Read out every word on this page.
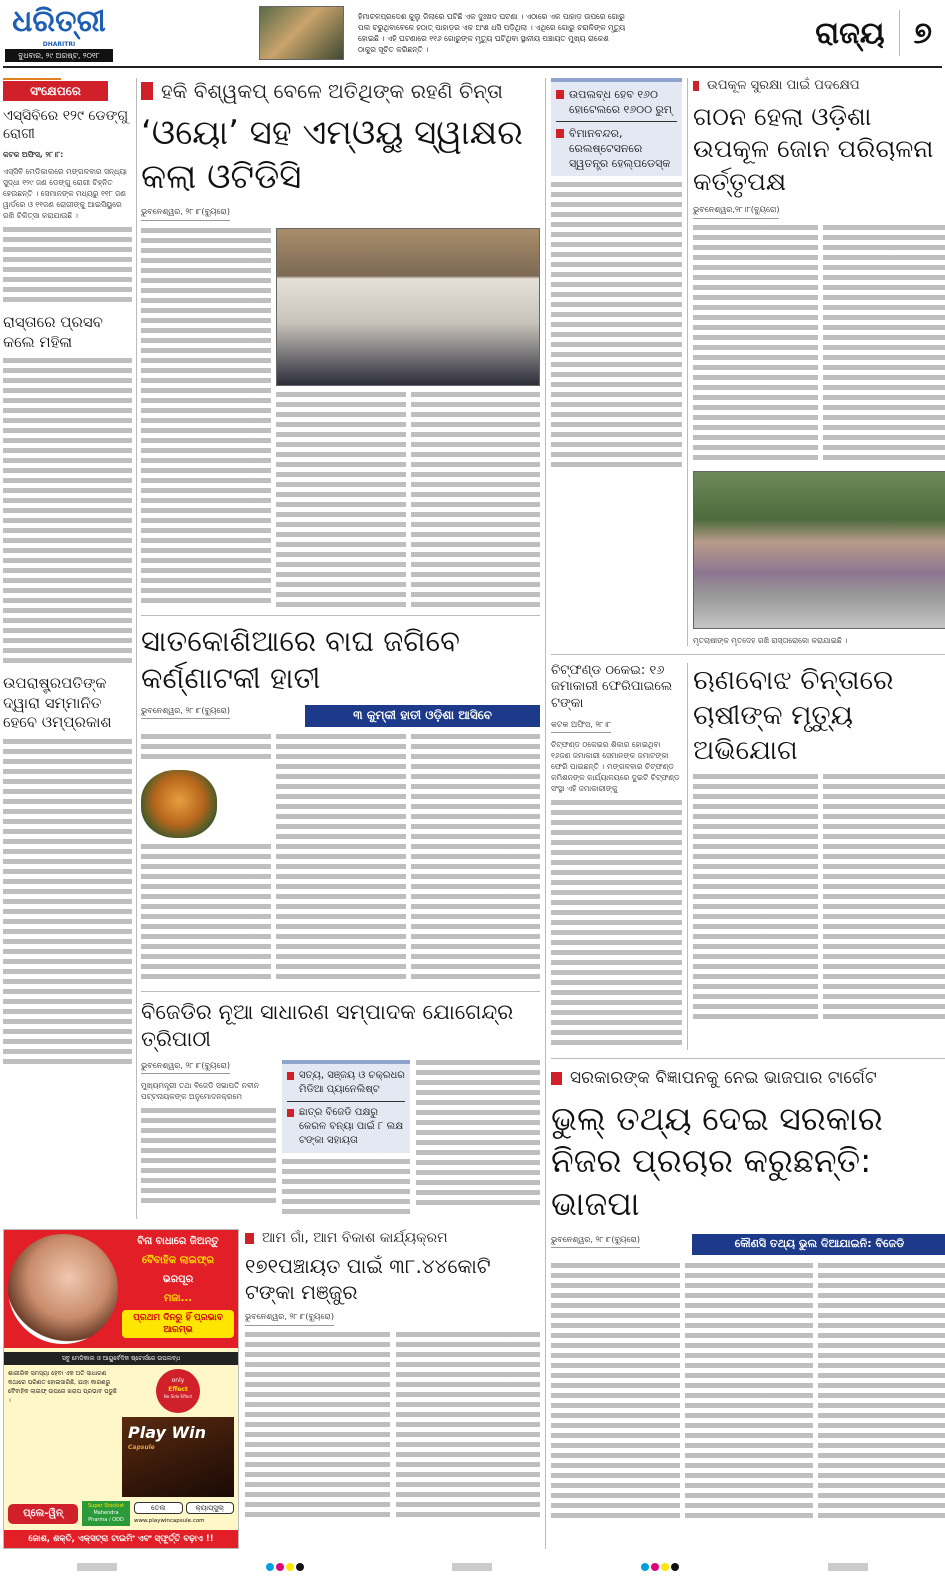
ଧରିତ୍ରୀ
DHARITRI
ବୁଧବାର, ୨୯ ଅଗଷ୍ଟ, ୨୦୧୮
ହିମାଚଳପ୍ରଦେଶ କୁଲୁ ଜିଲାରେ ଘଟିଛି ଏକ ଦୁଃଖଦ ଘଟଣା । ଏଠାରେ ଏକ ପାହାଡ଼ ଉପରେ ଗୋରୁ ପଲ ଚରୁଥିବାବେଳେ ହଠାତ୍ ପାହାଡ଼ର ଏକ ଅଂଶ ଧସି ପଡ଼ିଥିଲା । ଏଥିରେ ଗୋରୁ ଚରାଳିଙ୍କ ମୃତ୍ୟୁ ହୋଇଛି । ଏହି ଘଟଣାରେ ୧୧୬ ଗୋରୁଙ୍କ ମୃତ୍ୟୁ ଘଟିଥିବା ସ୍ଥାନୀୟ ପଞ୍ଚାୟତ ମୁଖ୍ୟ ରାକେଶ ଠାକୁର ସୂଚିତ କରିଛନ୍ତି ।	ରାଜ୍ୟ ୭
ସଂକ୍ଷେପରେ
ଏସ୍‌ସିବିରେ ୧୨୯ ଡେଙ୍ଗୁ ରୋଗୀ
କଟକ ଅଫିସ, ୨୮।୮:
ଏସ୍‌ସିବି ମେଡିକାଲରେ ମଙ୍ଗଳବାର ସନ୍ଧ୍ୟା ସୁଦ୍ଧା ୧୨୯ ଜଣ ଡେଙ୍ଗୁ ରୋଗୀ ଚିହ୍ନିତ ହେଉଛନ୍ତି । ସେମାନଙ୍କ ମଧ୍ୟରୁ ୧୧୮ ଜଣ ୱାର୍ଡରେ ଓ ୧୧ଜଣ ରୋଗୀଙ୍କୁ ଆଇସିୟୁରେ ରଖି ଚିକିତ୍ସା କରାଯାଉଛି ।
ରାସ୍ତାରେ ପ୍ରସବ କଲେ ମହିଳା
ଉପରାଷ୍ଟ୍ରପତିଙ୍କ ଦ୍ୱାରା ସମ୍ମାନିତ ହେବେ ଓମ୍‌ପ୍ରକାଶ
ହକି ବିଶ୍ୱକପ୍ ବେଳେ ଅତିଥିଙ୍କ ରହଣି ଚିନ୍ତା
‘ଓୟୋ’ ସହ ଏମ୍‌ଓୟୁ ସ୍ୱାକ୍ଷର କଲା ଓଟିଡିସି
ଭୁବନେଶ୍ୱର, ୨୮।୮(ବ୍ୟୁରୋ)
ସାତକୋଶିଆରେ ବାଘ ଜଗିବେ କର୍ଣ୍ଣାଟକୀ ହାତୀ
ଭୁବନେଶ୍ୱର, ୨୮।୮(ବ୍ୟୁରୋ)	୩ କୁମ୍‌କୀ ହାତୀ ଓଡ଼ିଶା ଆସିବେ
ବିଜେଡିର ନୂଆ ସାଧାରଣ ସମ୍ପାଦକ ଯୋଗେନ୍ଦ୍ର ତ୍ରିପାଠୀ
ଭୁବନେଶ୍ୱର, ୨୮।୮(ବ୍ୟୁରୋ)
ମୁଖ୍ୟମନ୍ତ୍ରୀ ତଥା ବିଜେଡି ସଭାପତି ନବୀନ ପଟ୍ଟନାୟକଙ୍କ ଅନୁମୋଦନକ୍ରମେ
ସତ୍ୟ, ସଞ୍ଜୟ ଓ ଚକ୍ରଧର ମିଡିଆ ପ୍ୟାନେଲିଷ୍ଟ
ଛାତ୍ର ବିଜେଡି ପକ୍ଷରୁ କେରଳ ବନ୍ୟା ପାଇଁ ୮ ଲକ୍ଷ ଟଙ୍କା ସହାୟତା
ବିନା ବାଧାରେ ଜିଅନ୍ତୁ
ବୈବାହିକ ଲାଇଫ୍‌ର
ଭରପୂର
ମଜା...
ପ୍ରଥମ ଦିନରୁ ହିଁ ପ୍ରଭାବ ଆରମ୍ଭ
ସବୁ ମେଡିକାଲ ଓ ଆୟୁର୍ବେଦିକ ଷ୍ଟୋର୍ସରେ ଉପଲବ୍ଧ
ଶାରୀରିକ ସମସ୍ୟା ହେବା ଏକ ଅତି ସାଧାରଣ କଥାରେ ପରିଣତ ହୋଇସାରିଛି, ଯାହା କାରଣରୁ ବୈବାହିକ ଲାଇଫ୍ ଉପରେ ଖରାପ ପ୍ରଭାବ ପଡୁଛି ।
only
Effect
No Side Effect
Play Win
Capsule
ପ୍ଲେ-ୱିନ୍
Super Stockist
Mahendra
Pharma / ODD
ତେଲ	କ୍ୟାପ୍‌ସୁଲ୍
www.playwincapsule.com
ଜୋଶ, ଶକ୍ତି, ଏକ୍ସଟ୍ରା ଟାଇମିଂ ଏବଂ ସ୍ଫୂର୍ତ୍ତି ବଢ଼ାଏ !!
ଆମ ଗାଁ, ଆମ ବିକାଶ କାର୍ଯ୍ୟକ୍ରମ
୧୭୧ପଞ୍ଚାୟତ ପାଇଁ ୩୮.୪୪କୋଟି ଟଙ୍କା ମଞ୍ଜୁର
ଭୁବନେଶ୍ୱର, ୨୮।୮(ବ୍ୟୁରୋ)
ଉପଲବ୍ଧ ହେବ ୧୬୦ ହୋଟେଲରେ ୧୬୦୦ ରୁମ୍
ବିମାନବନ୍ଦର, ରେଲଷ୍ଟେସନରେ ସ୍ୱତନ୍ତ୍ର ହେଲ୍ପଡେସ୍କ
ଉପକୂଳ ସୁରକ୍ଷା ପାଇଁ ପଦକ୍ଷେପ
ଗଠନ ହେଲା ଓଡ଼ିଶା ଉପକୂଳ ଜୋନ ପରିଚାଳନା କର୍ତ୍ତୃପକ୍ଷ
ଭୁବନେଶ୍ୱର,୨୮।୮(ବ୍ୟୁରୋ)
ମୃତଚାଷୀଙ୍କ ମୃତଦେହ ରଖି ରାସ୍ତାରୋକୋ କରାଯାଇଛି ।
ଚିଟ୍‌ଫଣ୍ଡ ଠକେଇ: ୧୬ ଜମାକାରୀ ଫେରିପାଇଲେ ଟଙ୍କା
କଟକ ଅଫିସ, ୨୮।୮
ଚିଟ୍‌ଫଣ୍ଡ ଠକେଇର ଶିକାର ହୋଇଥିବା ୧୬ଜଣ ଜମାକାରୀ ସେମାନଙ୍କ ଜମାଟଙ୍କା ଫେରି ପାଇଛନ୍ତି । ମଙ୍ଗଳବାର ଚିଟ୍‌ଫଣ୍ଡ କମିଶନଙ୍କ କାର୍ଯ୍ୟାଳୟରେ ଦୁଇଟି ଚିଟ୍‌ଫଣ୍ଡ ସଂସ୍ଥା ଏହି ଜମାକାରୀଙ୍କୁ
ଋଣବୋଝ ଚିନ୍ତାରେ ଚାଷୀଙ୍କ ମୃତ୍ୟୁ ଅଭିଯୋଗ
ସରକାରଙ୍କ ବିଜ୍ଞାପନକୁ ନେଇ ଭାଜପାର ଟାର୍ଗେଟ
ଭୁଲ୍ ତଥ୍ୟ ଦେଇ ସରକାର ନିଜର ପ୍ରଚାର କରୁଛନ୍ତି: ଭାଜପା
ଭୁବନେଶ୍ୱର, ୨୮।୮(ବ୍ୟୁରୋ)	କୌଣସି ତଥ୍ୟ ଭୁଲ ଦିଆଯାଇନି: ବିଜେଡି
